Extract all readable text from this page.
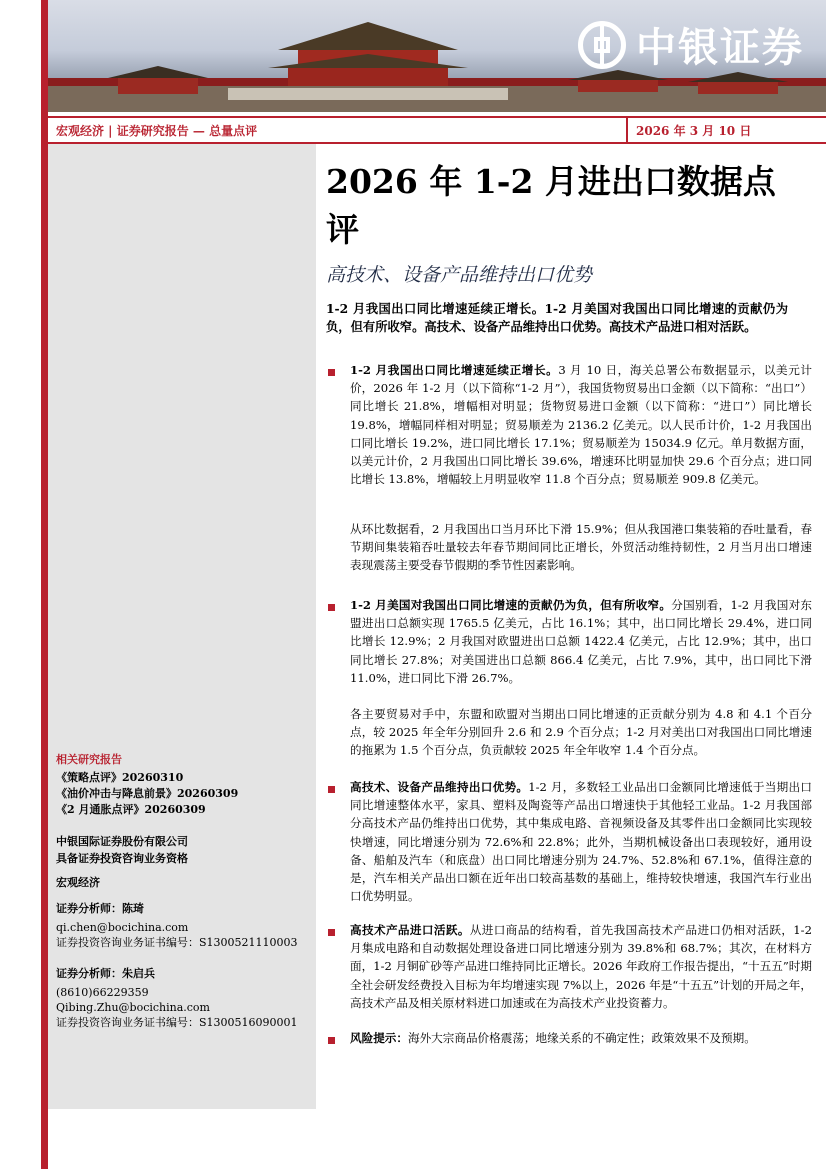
中银证券
宏观经济 | 证券研究报告 — 总量点评	2026 年 3 月 10 日
相关研究报告
《策略点评》20260310
《油价冲击与降息前景》20260309
《2 月通胀点评》20260309
中银国际证券股份有限公司
具备证券投资咨询业务资格
宏观经济
证券分析师：陈琦
qi.chen@bocichina.com
证券投资咨询业务证书编号：S1300521110003
证券分析师：朱启兵
(8610)66229359
Qibing.Zhu@bocichina.com
证券投资咨询业务证书编号：S1300516090001
2026 年 1-2 月进出口数据点评
高技术、设备产品维持出口优势
1-2 月我国出口同比增速延续正增长。1-2 月美国对我国出口同比增速的贡献仍为负，但有所收窄。高技术、设备产品维持出口优势。高技术产品进口相对活跃。
1-2 月我国出口同比增速延续正增长。3 月 10 日，海关总署公布数据显示，以美元计价，2026 年 1-2 月（以下简称“1-2 月”），我国货物贸易出口金额（以下简称：“出口”）同比增长 21.8%，增幅相对明显；货物贸易进口金额（以下简称：“进口”）同比增长 19.8%，增幅同样相对明显；贸易顺差为 2136.2 亿美元。以人民币计价，1-2 月我国出口同比增长 19.2%，进口同比增长 17.1%；贸易顺差为 15034.9 亿元。单月数据方面，以美元计价，2 月我国出口同比增长 39.6%，增速环比明显加快 29.6 个百分点；进口同比增长 13.8%，增幅较上月明显收窄 11.8 个百分点；贸易顺差 909.8 亿美元。
从环比数据看，2 月我国出口当月环比下滑 15.9%；但从我国港口集装箱的吞吐量看，春节期间集装箱吞吐量较去年春节期间同比正增长，外贸活动维持韧性，2 月当月出口增速表现震荡主要受春节假期的季节性因素影响。
1-2 月美国对我国出口同比增速的贡献仍为负，但有所收窄。分国别看，1-2 月我国对东盟进出口总额实现 1765.5 亿美元，占比 16.1%；其中，出口同比增长 29.4%，进口同比增长 12.9%；2 月我国对欧盟进出口总额 1422.4 亿美元，占比 12.9%；其中，出口同比增长 27.8%；对美国进出口总额 866.4 亿美元，占比 7.9%，其中，出口同比下滑 11.0%，进口同比下滑 26.7%。
各主要贸易对手中，东盟和欧盟对当期出口同比增速的正贡献分别为 4.8 和 4.1 个百分点，较 2025 年全年分别回升 2.6 和 2.9 个百分点；1-2 月对美出口对我国出口同比增速的拖累为 1.5 个百分点，负贡献较 2025 年全年收窄 1.4 个百分点。
高技术、设备产品维持出口优势。1-2 月，多数轻工业品出口金额同比增速低于当期出口同比增速整体水平，家具、塑料及陶瓷等产品出口增速快于其他轻工业品。1-2 月我国部分高技术产品仍维持出口优势，其中集成电路、音视频设备及其零件出口金额同比实现较快增速，同比增速分别为 72.6%和 22.8%；此外，当期机械设备出口表现较好，通用设备、船舶及汽车（和底盘）出口同比增速分别为 24.7%、52.8%和 67.1%，值得注意的是，汽车相关产品出口额在近年出口较高基数的基础上，维持较快增速，我国汽车行业出口优势明显。
高技术产品进口活跃。从进口商品的结构看，首先我国高技术产品进口仍相对活跃，1-2 月集成电路和自动数据处理设备进口同比增速分别为 39.8%和 68.7%；其次，在材料方面，1-2 月铜矿砂等产品进口维持同比正增长。2026 年政府工作报告提出，“十五五”时期全社会研发经费投入目标为年均增速实现 7%以上，2026 年是“十五五”计划的开局之年，高技术产品及相关原材料进口加速或在为高技术产业投资蓄力。
风险提示：海外大宗商品价格震荡；地缘关系的不确定性；政策效果不及预期。
